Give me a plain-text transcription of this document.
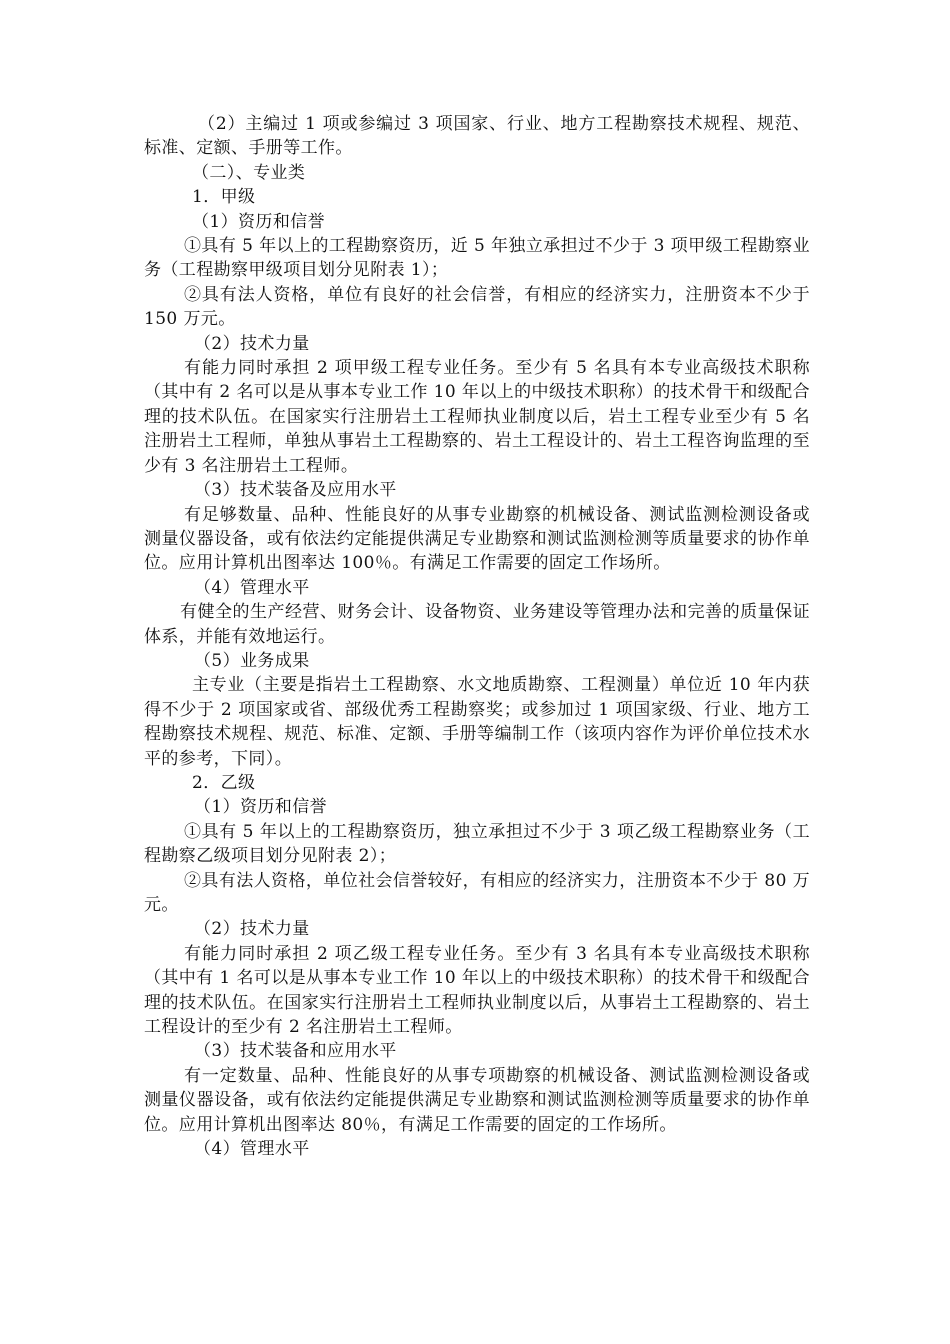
（2）主编过 1 项或参编过 3 项国家、行业、地方工程勘察技术规程、规范、标准、定额、手册等工作。

（二）、专业类

1．甲级

（1）资历和信誉

①具有 5 年以上的工程勘察资历，近 5 年独立承担过不少于 3 项甲级工程勘察业务（工程勘察甲级项目划分见附表 1）；

②具有法人资格，单位有良好的社会信誉，有相应的经济实力，注册资本不少于 150 万元。

（2）技术力量

有能力同时承担 2 项甲级工程专业任务。至少有 5 名具有本专业高级技术职称（其中有 2 名可以是从事本专业工作 10 年以上的中级技术职称）的技术骨干和级配合理的技术队伍。在国家实行注册岩土工程师执业制度以后，岩土工程专业至少有 5 名注册岩土工程师，单独从事岩土工程勘察的、岩土工程设计的、岩土工程咨询监理的至少有 3 名注册岩土工程师。

（3）技术装备及应用水平

有足够数量、品种、性能良好的从事专业勘察的机械设备、测试监测检测设备或测量仪器设备，或有依法约定能提供满足专业勘察和测试监测检测等质量要求的协作单位。应用计算机出图率达 100％。有满足工作需要的固定工作场所。

（4）管理水平

有健全的生产经营、财务会计、设备物资、业务建设等管理办法和完善的质量保证体系，并能有效地运行。

（5）业务成果

主专业（主要是指岩土工程勘察、水文地质勘察、工程测量）单位近 10 年内获得不少于 2 项国家或省、部级优秀工程勘察奖；或参加过 1 项国家级、行业、地方工程勘察技术规程、规范、标准、定额、手册等编制工作（该项内容作为评价单位技术水平的参考，下同）。

2．乙级

（1）资历和信誉

①具有 5 年以上的工程勘察资历，独立承担过不少于 3 项乙级工程勘察业务（工程勘察乙级项目划分见附表 2）；

②具有法人资格，单位社会信誉较好，有相应的经济实力，注册资本不少于 80 万元。

（2）技术力量

有能力同时承担 2 项乙级工程专业任务。至少有 3 名具有本专业高级技术职称（其中有 1 名可以是从事本专业工作 10 年以上的中级技术职称）的技术骨干和级配合理的技术队伍。在国家实行注册岩土工程师执业制度以后，从事岩土工程勘察的、岩土工程设计的至少有 2 名注册岩土工程师。

（3）技术装备和应用水平

有一定数量、品种、性能良好的从事专项勘察的机械设备、测试监测检测设备或测量仪器设备，或有依法约定能提供满足专业勘察和测试监测检测等质量要求的协作单位。应用计算机出图率达 80％，有满足工作需要的固定的工作场所。

（4）管理水平
